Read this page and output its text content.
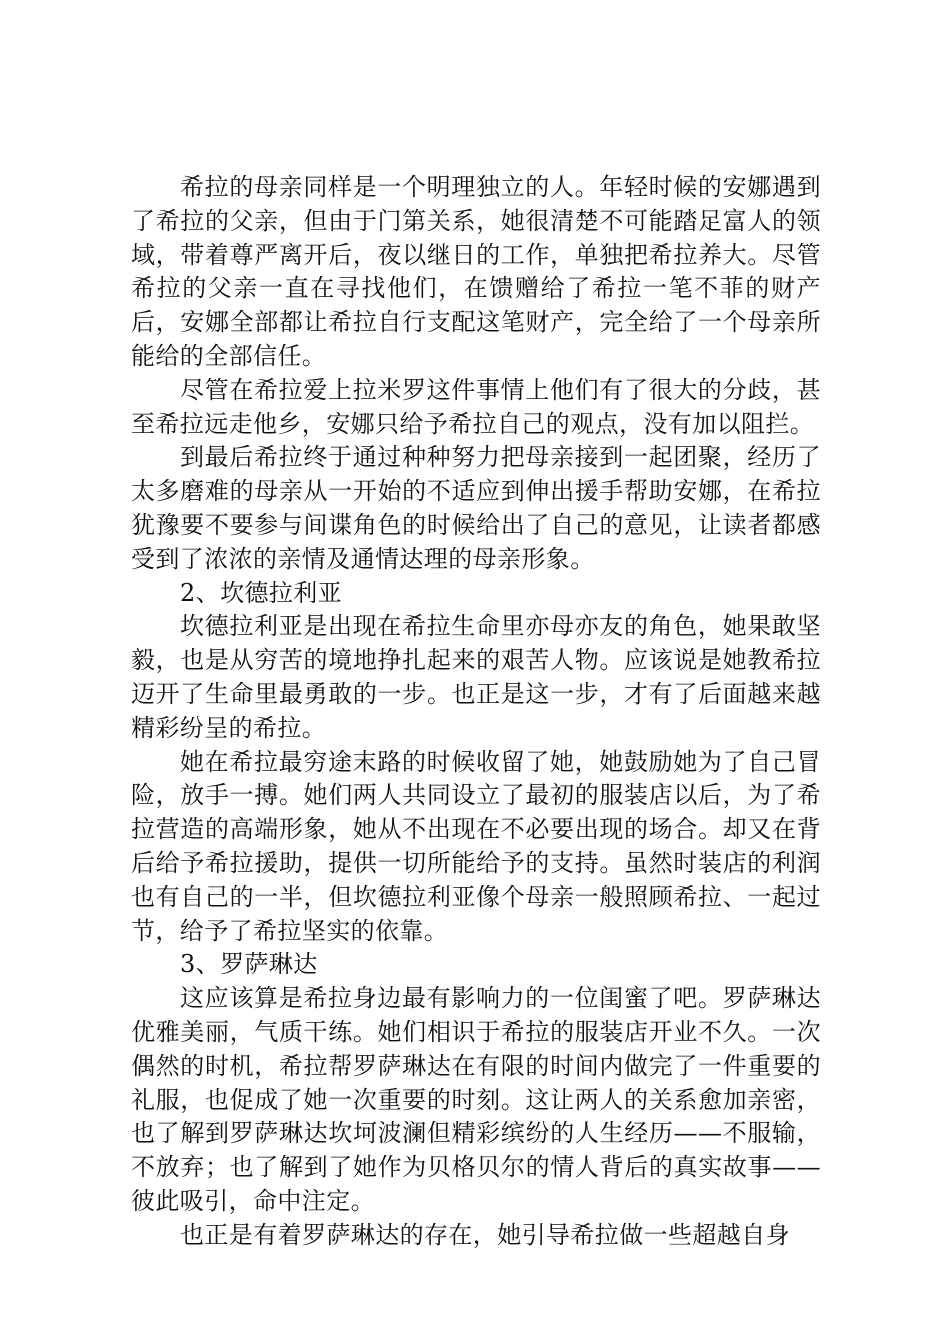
希拉的母亲同样是一个明理独立的人。年轻时候的安娜遇到了希拉的父亲，但由于门第关系，她很清楚不可能踏足富人的领域，带着尊严离开后，夜以继日的工作，单独把希拉养大。尽管希拉的父亲一直在寻找他们，在馈赠给了希拉一笔不菲的财产后，安娜全部都让希拉自行支配这笔财产，完全给了一个母亲所能给的全部信任。

尽管在希拉爱上拉米罗这件事情上他们有了很大的分歧，甚至希拉远走他乡，安娜只给予希拉自己的观点，没有加以阻拦。

到最后希拉终于通过种种努力把母亲接到一起团聚，经历了太多磨难的母亲从一开始的不适应到伸出援手帮助安娜，在希拉犹豫要不要参与间谍角色的时候给出了自己的意见，让读者都感受到了浓浓的亲情及通情达理的母亲形象。

2、坎德拉利亚

坎德拉利亚是出现在希拉生命里亦母亦友的角色，她果敢坚毅，也是从穷苦的境地挣扎起来的艰苦人物。应该说是她教希拉迈开了生命里最勇敢的一步。也正是这一步，才有了后面越来越精彩纷呈的希拉。

她在希拉最穷途末路的时候收留了她，她鼓励她为了自己冒险，放手一搏。她们两人共同设立了最初的服装店以后，为了希拉营造的高端形象，她从不出现在不必要出现的场合。却又在背后给予希拉援助，提供一切所能给予的支持。虽然时装店的利润也有自己的一半，但坎德拉利亚像个母亲一般照顾希拉、一起过节，给予了希拉坚实的依靠。

3、罗萨琳达

这应该算是希拉身边最有影响力的一位闺蜜了吧。罗萨琳达优雅美丽，气质干练。她们相识于希拉的服装店开业不久。一次偶然的时机，希拉帮罗萨琳达在有限的时间内做完了一件重要的礼服，也促成了她一次重要的时刻。这让两人的关系愈加亲密，也了解到罗萨琳达坎坷波澜但精彩缤纷的人生经历——不服输，不放弃；也了解到了她作为贝格贝尔的情人背后的真实故事——彼此吸引，命中注定。

也正是有着罗萨琳达的存在，她引导希拉做一些超越自身
